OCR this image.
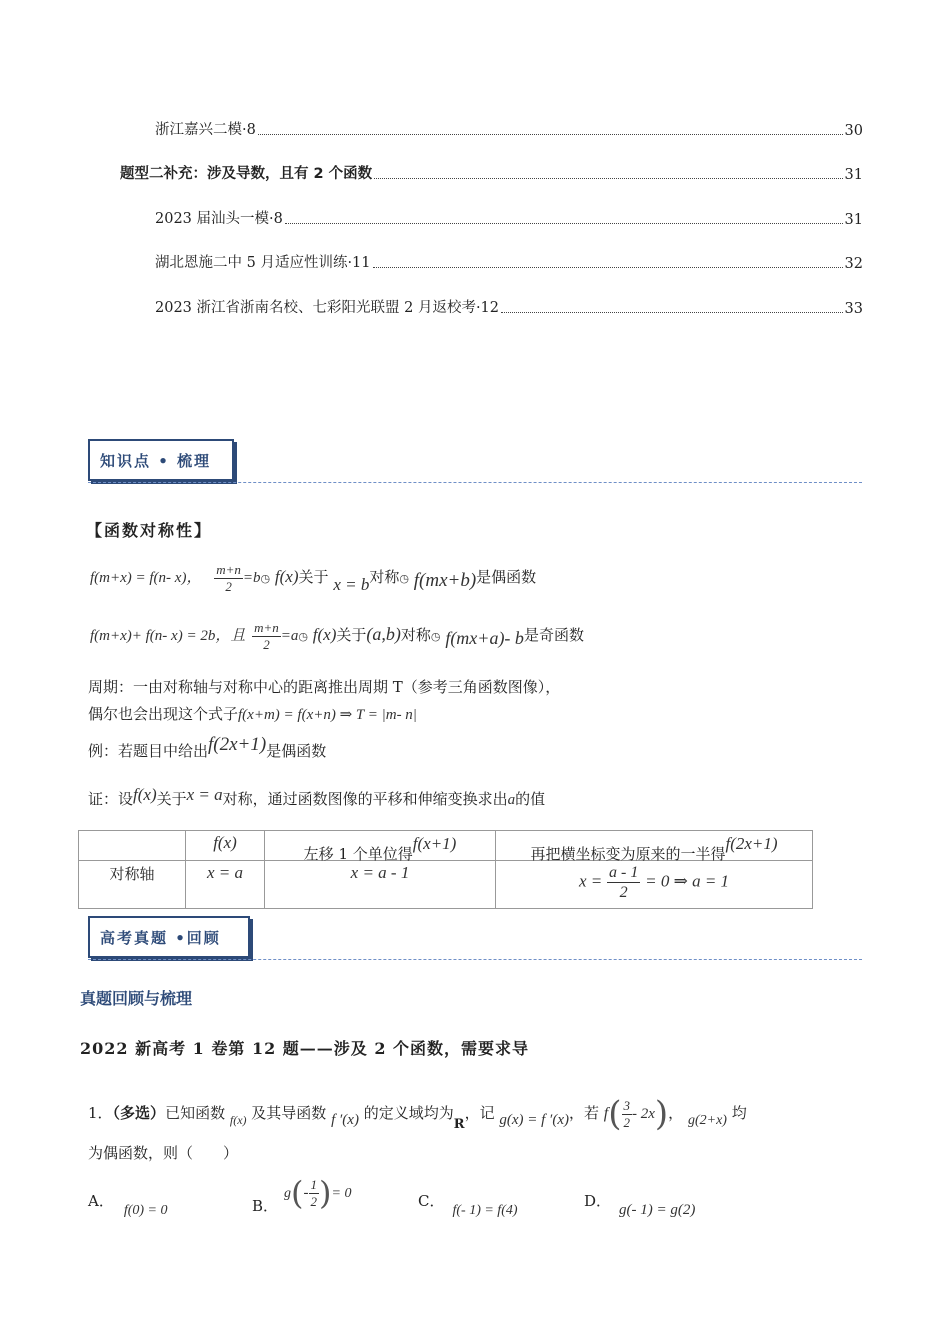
浙江嘉兴二模·8	30
题型二补充：涉及导数，且有 2 个函数	31
2023 届汕头一模·8	31
湖北恩施二中 5 月适应性训练·11	32
2023 浙江省浙南名校、七彩阳光联盟 2 月返校考·12	33
知识点 • 梳理
【函数对称性】
f(m+x) = f(n- x)， $\frac{m+n}{2}$ =b◷ f(x)关于 x = b对称◷ f(mx+b)是偶函数
f(m+x)+ f(n- x) = 2b，且 $\frac{m+n}{2}$ =a◷ f(x)关于(a,b)对称◷ f(mx+a)- b是奇函数
周期：一由对称轴与对称中心的距离推出周期 T（参考三角函数图像），
偶尔也会出现这个式子f(x+m) = f(x+n) ⇒ T = |m- n|
例：若题目中给出f(2x+1)是偶函数
证：设f(x)关于x = a对称，通过函数图像的平移和伸缩变换求出a的值
	f(x)	左移 1 个单位得f(x+1)	再把横坐标变为原来的一半得f(2x+1)
对称轴	x = a	x = a - 1	$x = \frac{a - 1}{2} = 0$ ⇒ a = 1
高考真题 •回顾
真题回顾与梳理
2022 新高考 1 卷第 12 题——涉及 2 个函数，需要求导
1．（多选）已知函数 $_{f(x)}$ 及其导函数 f ′(x) 的定义域均为R，记 g(x) = f ′(x)，若 $f( \frac{3}{2} - 2x)$， g(2+x) 均
为偶函数，则（　　）
A．f(0) = 0	B．$g(- \frac{1}{2}$ )= 0	C．f(- 1) = f(4)
D． g(- 1) = g(2)
